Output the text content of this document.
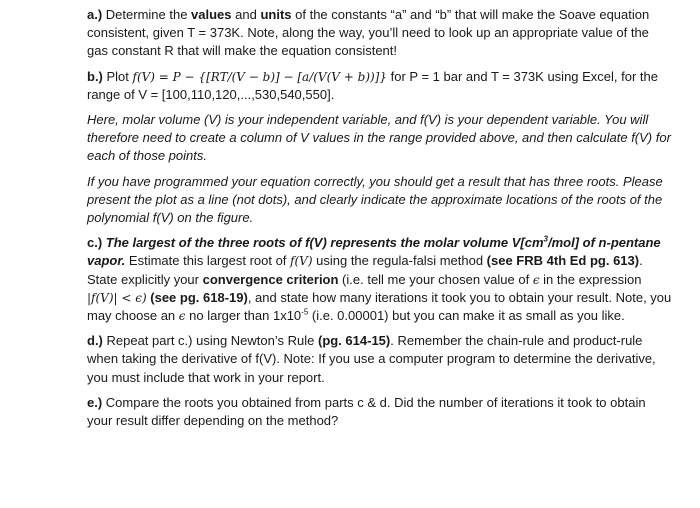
a.) Determine the values and units of the constants “a” and “b” that will make the Soave equation consistent, given T = 373K. Note, along the way, you’ll need to look up an appropriate value of the gas constant R that will make the equation consistent!

b.) Plot f(V) = P − {[RT/(V − b)] − [a/(V(V + b))]} for P = 1 bar and T = 373K using Excel, for the range of V = [100,110,120,...,530,540,550].

Here, molar volume (V) is your independent variable, and f(V) is your dependent variable. You will therefore need to create a column of V values in the range provided above, and then calculate f(V) for each of those points.

If you have programmed your equation correctly, you should get a result that has three roots. Please present the plot as a line (not dots), and clearly indicate the approximate locations of the roots of the polynomial f(V) on the figure.

c.) The largest of the three roots of f(V) represents the molar volume $V[cm^3/mol]$ of n-pentane vapor. Estimate this largest root of f(V) using the regula-falsi method (see FRB 4th Ed pg. 613). State explicitly your convergence criterion (i.e. tell me your chosen value of ϵ in the expression |f(V)| < ϵ) (see pg. 618-19), and state how many iterations it took you to obtain your result. Note, you may choose an ϵ no larger than $1x10^{-5}$ (i.e. 0.00001) but you can make it as small as you like.

d.) Repeat part c.) using Newton’s Rule (pg. 614-15). Remember the chain-rule and product-rule when taking the derivative of f(V). Note: If you use a computer program to determine the derivative, you must include that work in your report.

e.) Compare the roots you obtained from parts c & d. Did the number of iterations it took to obtain your result differ depending on the method?
